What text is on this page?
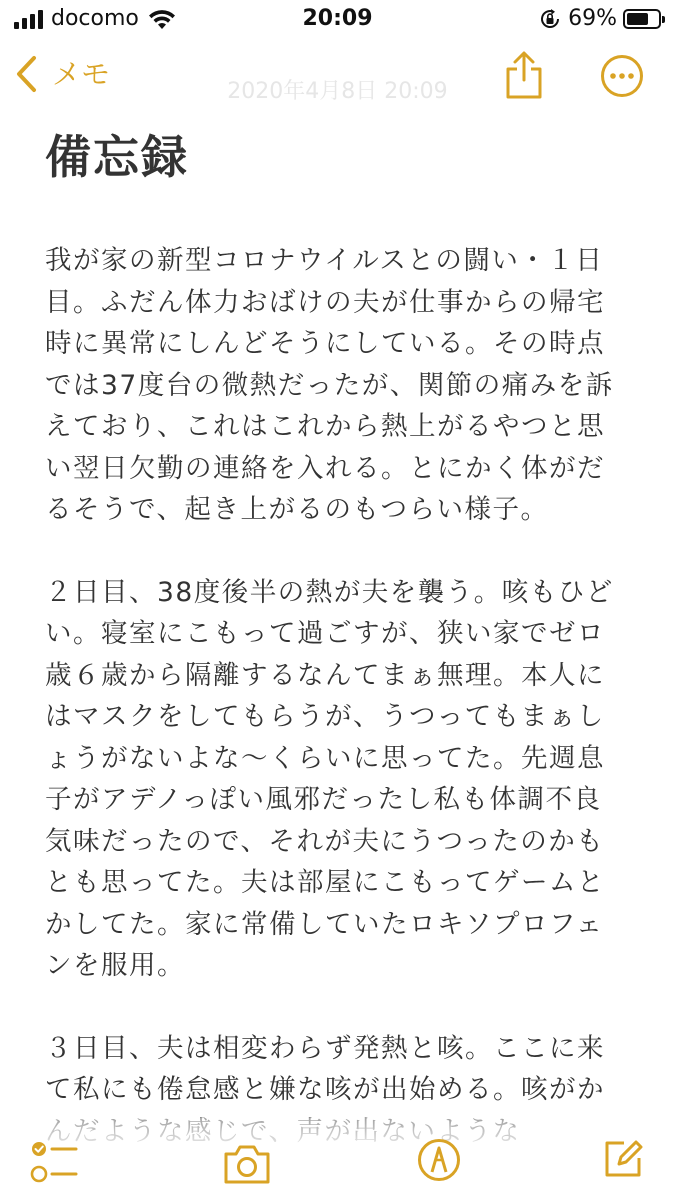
docomo	20:09	69%
メモ
2020年4月8日 20:09
備忘録

我が家の新型コロナウイルスとの闘い・１日
目。ふだん体力おばけの夫が仕事からの帰宅
時に異常にしんどそうにしている。その時点
では37度台の微熱だったが、関節の痛みを訴
えており、これはこれから熱上がるやつと思
い翌日欠勤の連絡を入れる。とにかく体がだ
るそうで、起き上がるのもつらい様子。

２日目、38度後半の熱が夫を襲う。咳もひど
い。寝室にこもって過ごすが、狭い家でゼロ
歳６歳から隔離するなんてまぁ無理。本人に
はマスクをしてもらうが、うつってもまぁし
ょうがないよな〜くらいに思ってた。先週息
子がアデノっぽい風邪だったし私も体調不良
気味だったので、それが夫にうつったのかも
とも思ってた。夫は部屋にこもってゲームと
かしてた。家に常備していたロキソプロフェ
ンを服用。

３日目、夫は相変わらず発熱と咳。ここに来
て私にも倦怠感と嫌な咳が出始める。咳がか
